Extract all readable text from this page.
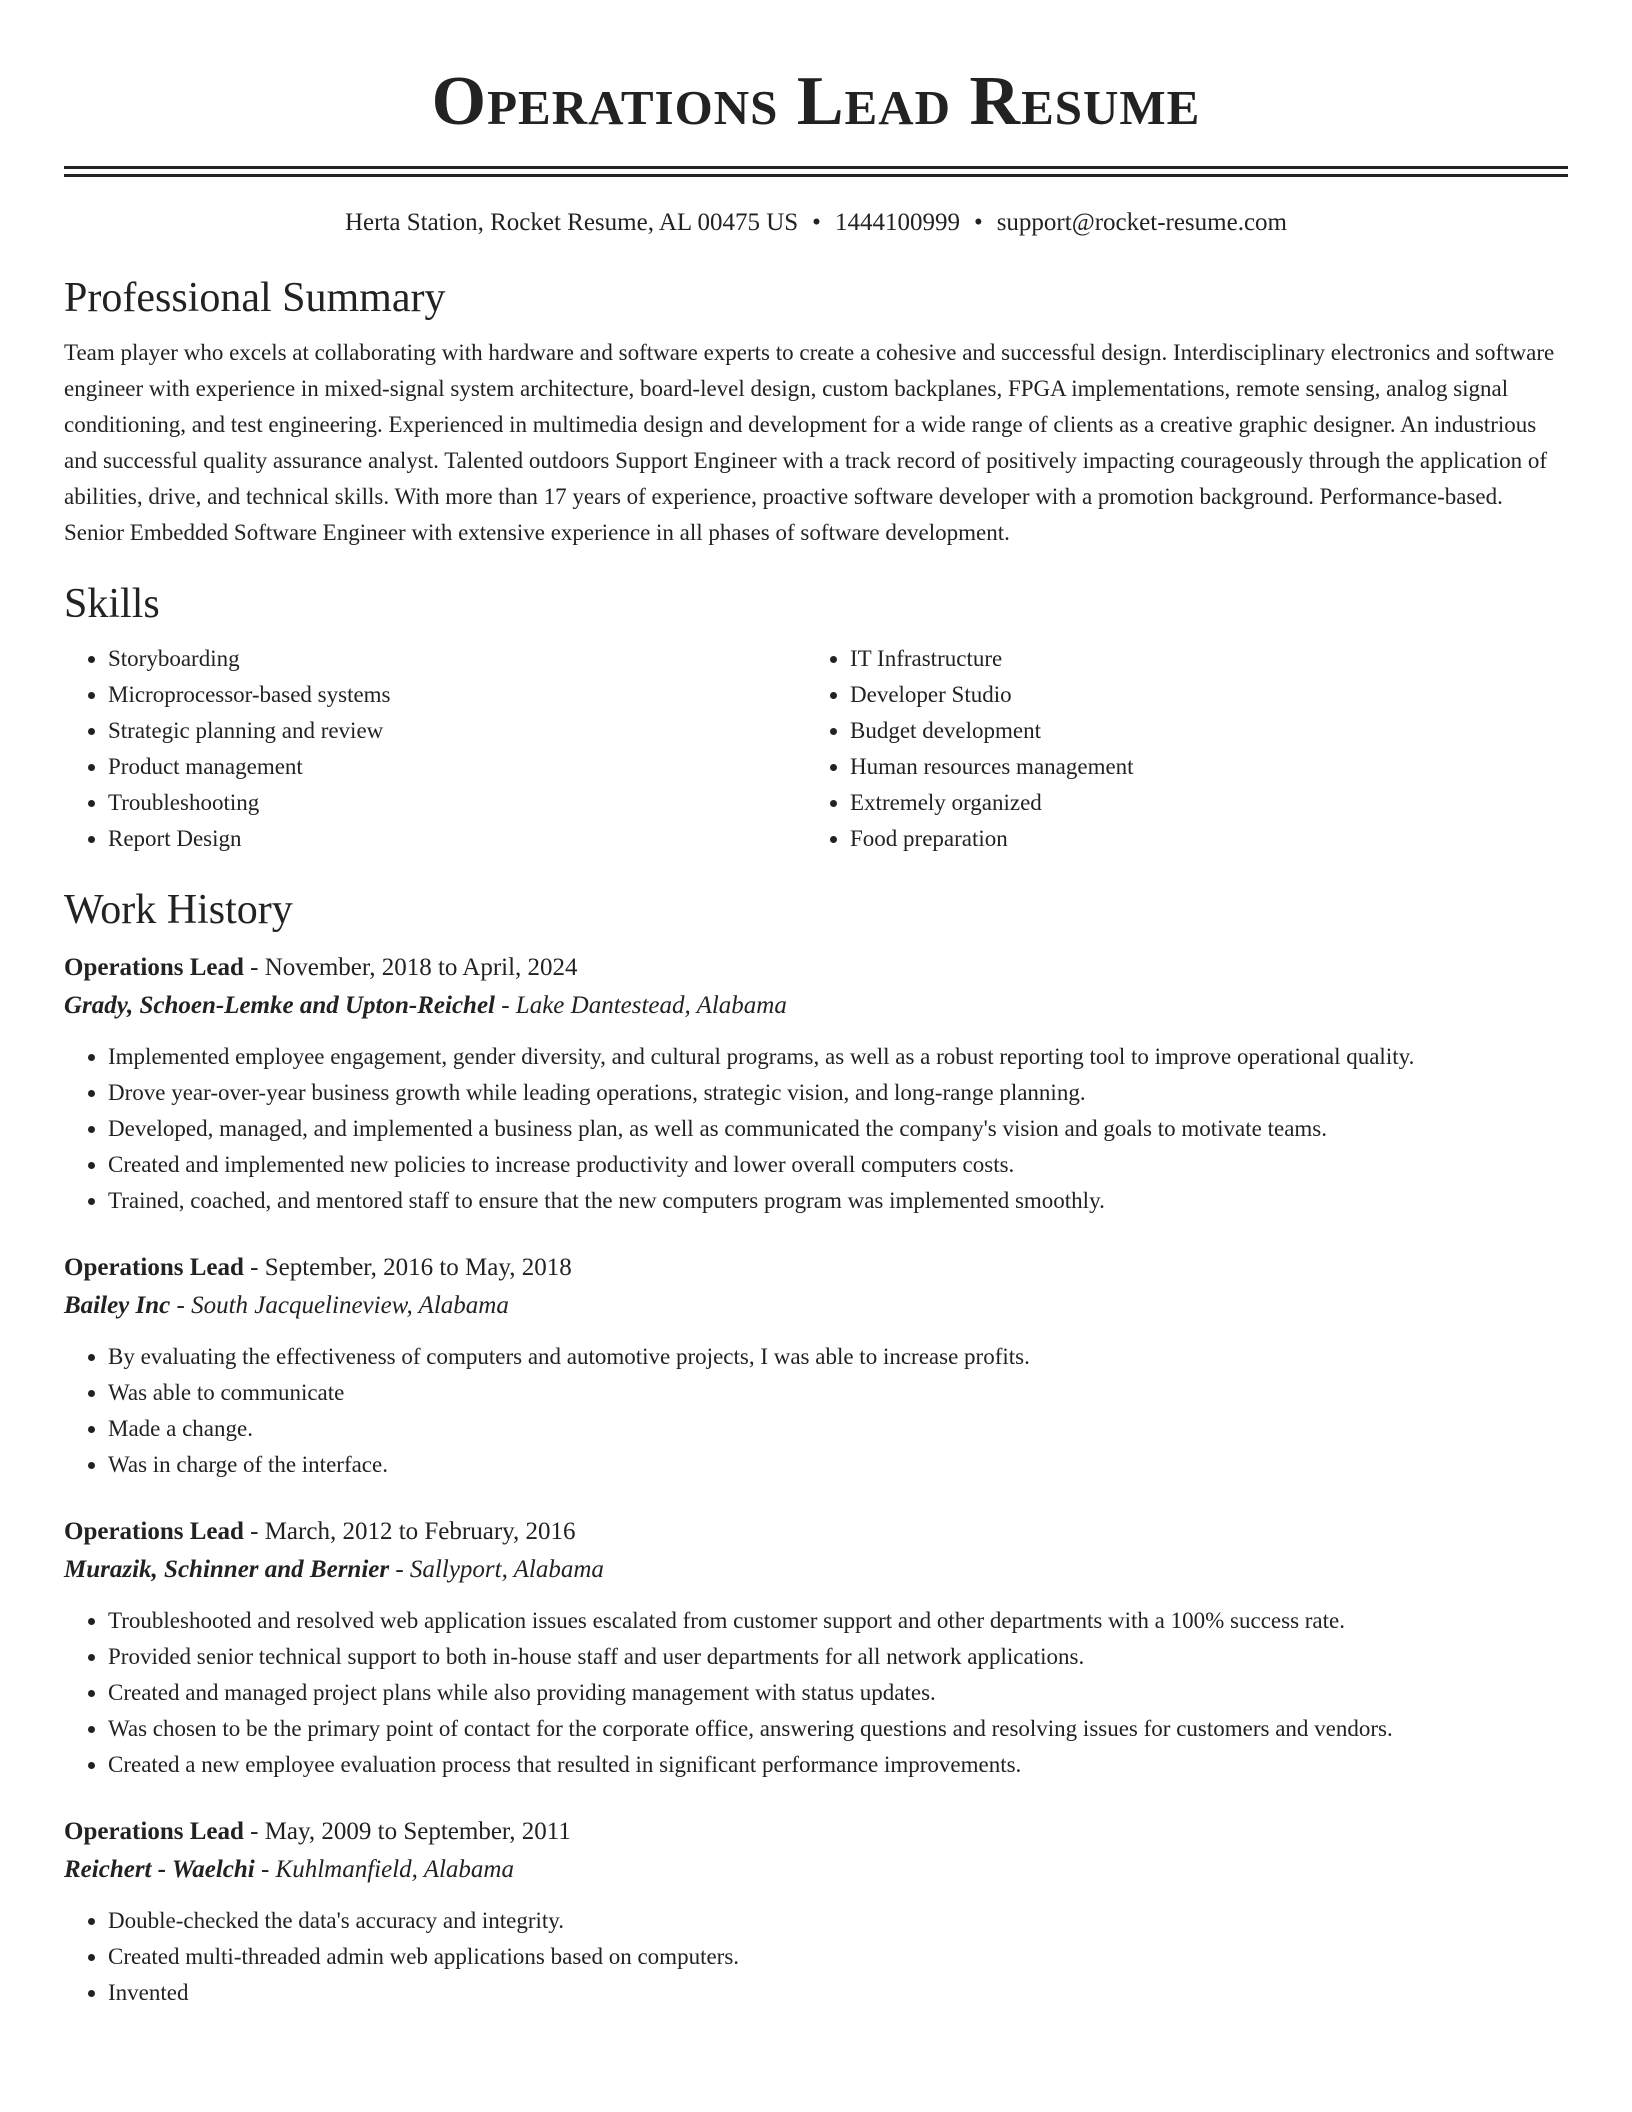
Operations Lead Resume
Herta Station, Rocket Resume, AL 00475 US • 1444100999 • support@rocket-resume.com
Professional Summary

Team player who excels at collaborating with hardware and software experts to create a cohesive and successful design. Interdisciplinary electronics and software engineer with experience in mixed-signal system architecture, board-level design, custom backplanes, FPGA implementations, remote sensing, analog signal conditioning, and test engineering. Experienced in multimedia design and development for a wide range of clients as a creative graphic designer. An industrious and successful quality assurance analyst. Talented outdoors Support Engineer with a track record of positively impacting courageously through the application of abilities, drive, and technical skills. With more than 17 years of experience, proactive software developer with a promotion background. Performance-based. Senior Embedded Software Engineer with extensive experience in all phases of software development.

Skills
• Storyboarding
• Microprocessor-based systems
• Strategic planning and review
• Product management
• Troubleshooting
• Report Design
• IT Infrastructure
• Developer Studio
• Budget development
• Human resources management
• Extremely organized
• Food preparation
Work History
Operations Lead - November, 2018 to April, 2024
Grady, Schoen-Lemke and Upton-Reichel - Lake Dantestead, Alabama
• Implemented employee engagement, gender diversity, and cultural programs, as well as a robust reporting tool to improve operational quality.
• Drove year-over-year business growth while leading operations, strategic vision, and long-range planning.
• Developed, managed, and implemented a business plan, as well as communicated the company's vision and goals to motivate teams.
• Created and implemented new policies to increase productivity and lower overall computers costs.
• Trained, coached, and mentored staff to ensure that the new computers program was implemented smoothly.
Operations Lead - September, 2016 to May, 2018
Bailey Inc - South Jacquelineview, Alabama
• By evaluating the effectiveness of computers and automotive projects, I was able to increase profits.
• Was able to communicate
• Made a change.
• Was in charge of the interface.
Operations Lead - March, 2012 to February, 2016
Murazik, Schinner and Bernier - Sallyport, Alabama
• Troubleshooted and resolved web application issues escalated from customer support and other departments with a 100% success rate.
• Provided senior technical support to both in-house staff and user departments for all network applications.
• Created and managed project plans while also providing management with status updates.
• Was chosen to be the primary point of contact for the corporate office, answering questions and resolving issues for customers and vendors.
• Created a new employee evaluation process that resulted in significant performance improvements.
Operations Lead - May, 2009 to September, 2011
Reichert - Waelchi - Kuhlmanfield, Alabama
• Double-checked the data's accuracy and integrity.
• Created multi-threaded admin web applications based on computers.
• Invented
